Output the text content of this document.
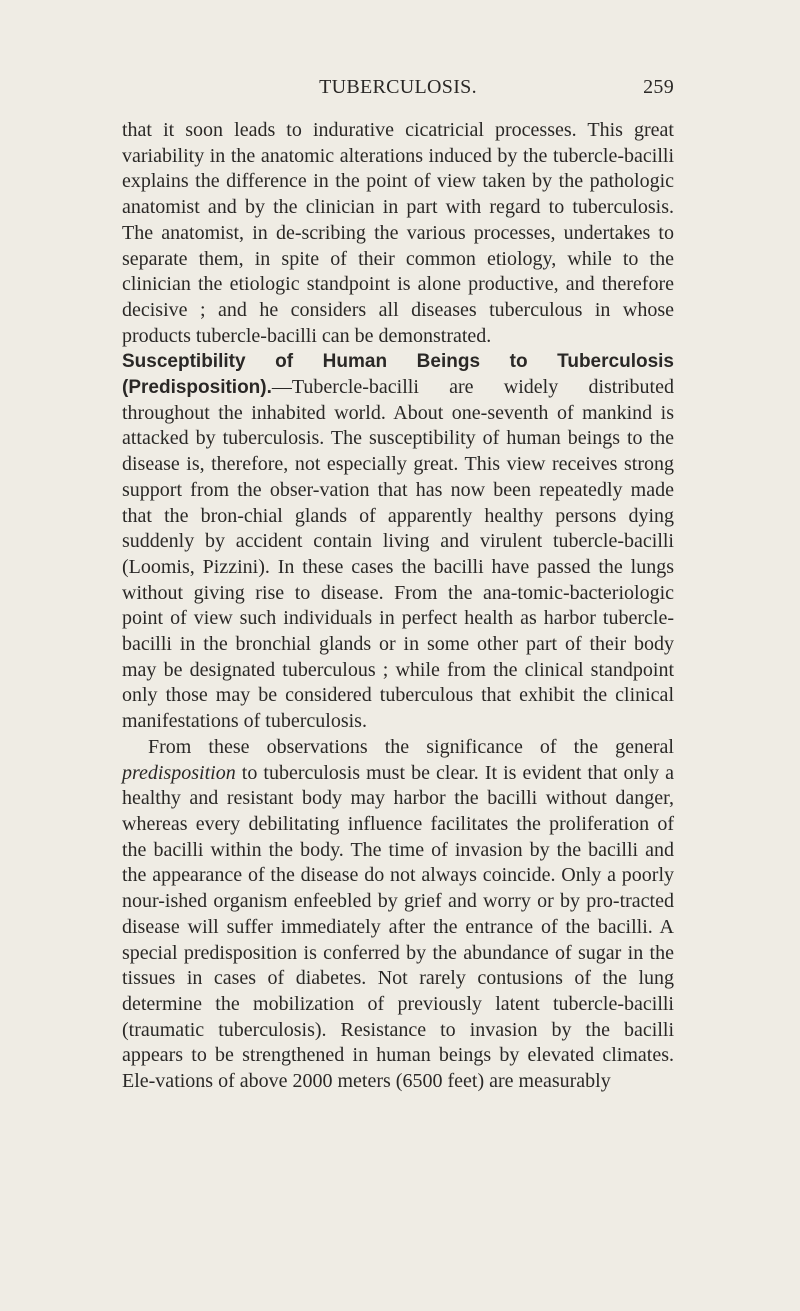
TUBERCULOSIS.	259

that it soon leads to indurative cicatricial processes. This great variability in the anatomic alterations induced by the tubercle-bacilli explains the difference in the point of view taken by the pathologic anatomist and by the clinician in part with regard to tuberculosis. The anatomist, in de-scribing the various processes, undertakes to separate them, in spite of their common etiology, while to the clinician the etiologic standpoint is alone productive, and therefore decisive ; and he considers all diseases tuberculous in whose products tubercle-bacilli can be demonstrated.

Susceptibility of Human Beings to Tuberculosis
(Predisposition).—Tubercle-bacilli are widely distributed throughout the inhabited world. About one-seventh of mankind is attacked by tuberculosis. The susceptibility of human beings to the disease is, therefore, not especially great. This view receives strong support from the obser-vation that has now been repeatedly made that the bron-chial glands of apparently healthy persons dying suddenly by accident contain living and virulent tubercle-bacilli (Loomis, Pizzini). In these cases the bacilli have passed the lungs without giving rise to disease. From the ana-tomic-bacteriologic point of view such individuals in perfect health as harbor tubercle-bacilli in the bronchial glands or in some other part of their body may be designated tuberculous ; while from the clinical standpoint only those may be considered tuberculous that exhibit the clinical manifestations of tuberculosis.

From these observations the significance of the general predisposition to tuberculosis must be clear. It is evident that only a healthy and resistant body may harbor the bacilli without danger, whereas every debilitating influence facilitates the proliferation of the bacilli within the body. The time of invasion by the bacilli and the appearance of the disease do not always coincide. Only a poorly nour-ished organism enfeebled by grief and worry or by pro-tracted disease will suffer immediately after the entrance of the bacilli. A special predisposition is conferred by the abundance of sugar in the tissues in cases of diabetes. Not rarely contusions of the lung determine the mobilization of previously latent tubercle-bacilli (traumatic tuberculosis). Resistance to invasion by the bacilli appears to be strengthened in human beings by elevated climates. Ele-vations of above 2000 meters (6500 feet) are measurably
